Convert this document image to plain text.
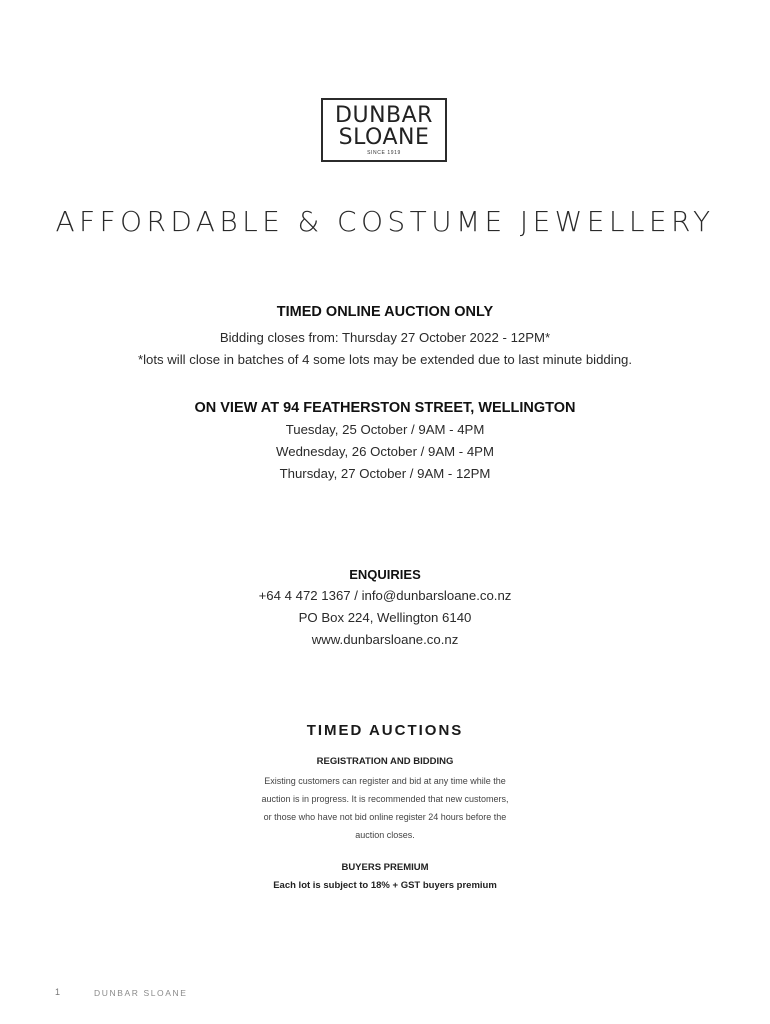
DUNBAR
SLOANE
SINCE 1919
AFFORDABLE & COSTUME JEWELLERY
TIMED ONLINE AUCTION ONLY
Bidding closes from: Thursday 27 October 2022 - 12PM*
*lots will close in batches of 4 some lots may be extended due to last minute bidding.
ON VIEW AT 94 FEATHERSTON STREET, WELLINGTON
Tuesday, 25 October / 9AM - 4PM
Wednesday, 26 October / 9AM - 4PM
Thursday, 27 October / 9AM - 12PM
ENQUIRIES
+64 4 472 1367 / info@dunbarsloane.co.nz
PO Box 224, Wellington 6140
www.dunbarsloane.co.nz
TIMED AUCTIONS
REGISTRATION AND BIDDING
Existing customers can register and bid at any time while the
auction is in progress. It is recommended that new customers,
or those who have not bid online register 24 hours before the
auction closes.
BUYERS PREMIUM
Each lot is subject to 18% + GST buyers premium
1	DUNBAR SLOANE
